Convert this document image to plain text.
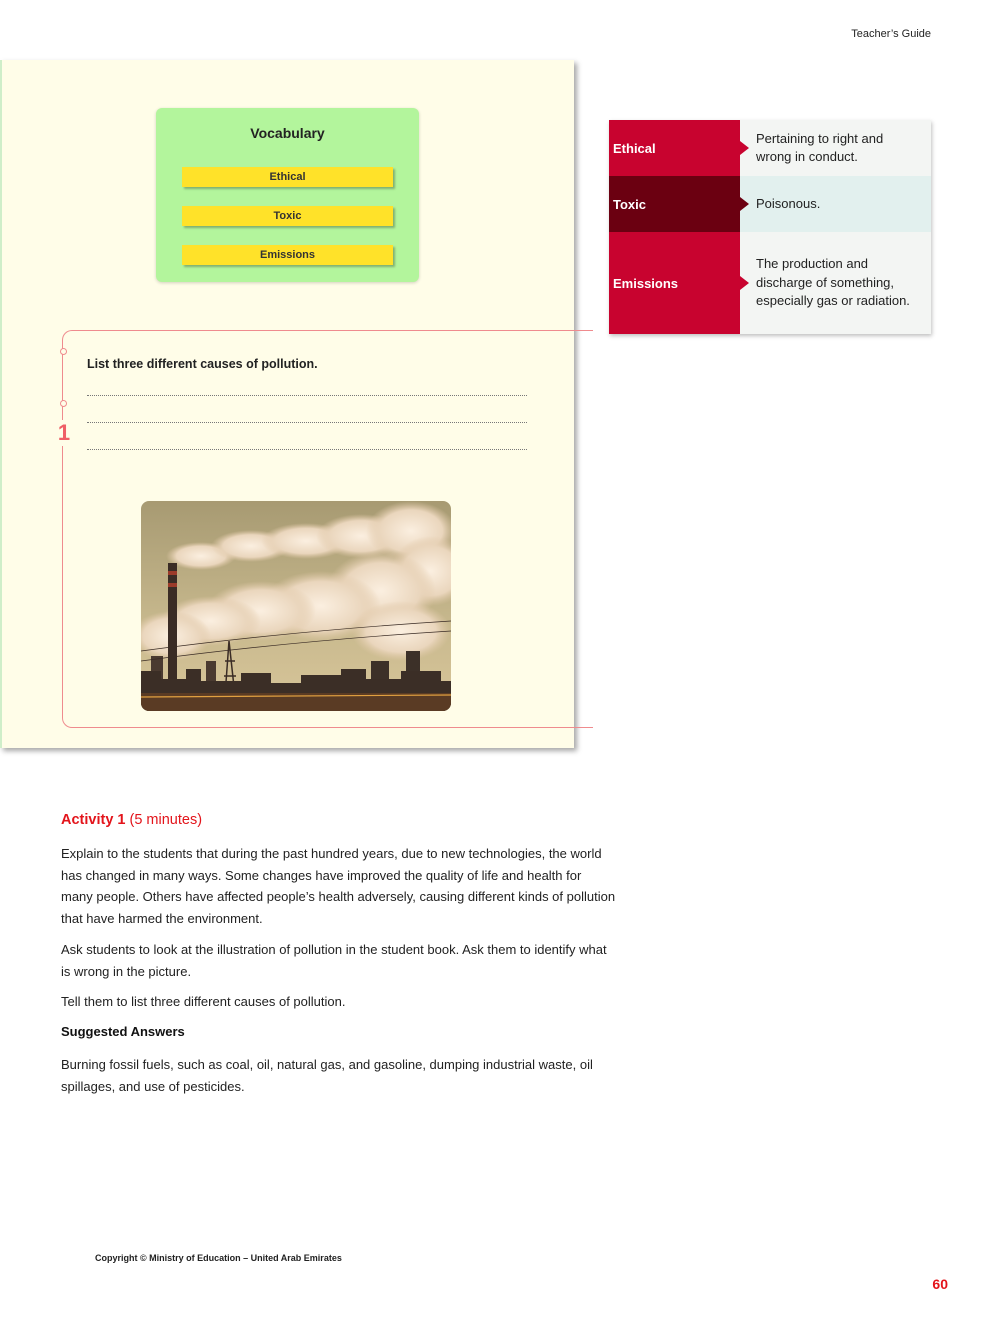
Teacher’s Guide
Vocabulary
Ethical
Toxic
Emissions
1
List three different causes of pollution.
Ethical
Pertaining to right and wrong in conduct.
Toxic	Poisonous.
Emissions
The production and discharge of something, especially gas or radiation.
Activity 1 (5 minutes)

Explain to the students that during the past hundred years, due to new technologies, the world has changed in many ways. Some changes have improved the quality of life and health for many people. Others have affected people’s health adversely, causing different kinds of pollution that have harmed the environment.

Ask students to look at the illustration of pollution in the student book. Ask them to identify what is wrong in the picture.

Tell them to list three different causes of pollution.

Suggested Answers

Burning fossil fuels, such as coal, oil, natural gas, and gasoline, dumping industrial waste, oil spillages, and use of pesticides.

Copyright © Ministry of Education – United Arab Emirates
60
